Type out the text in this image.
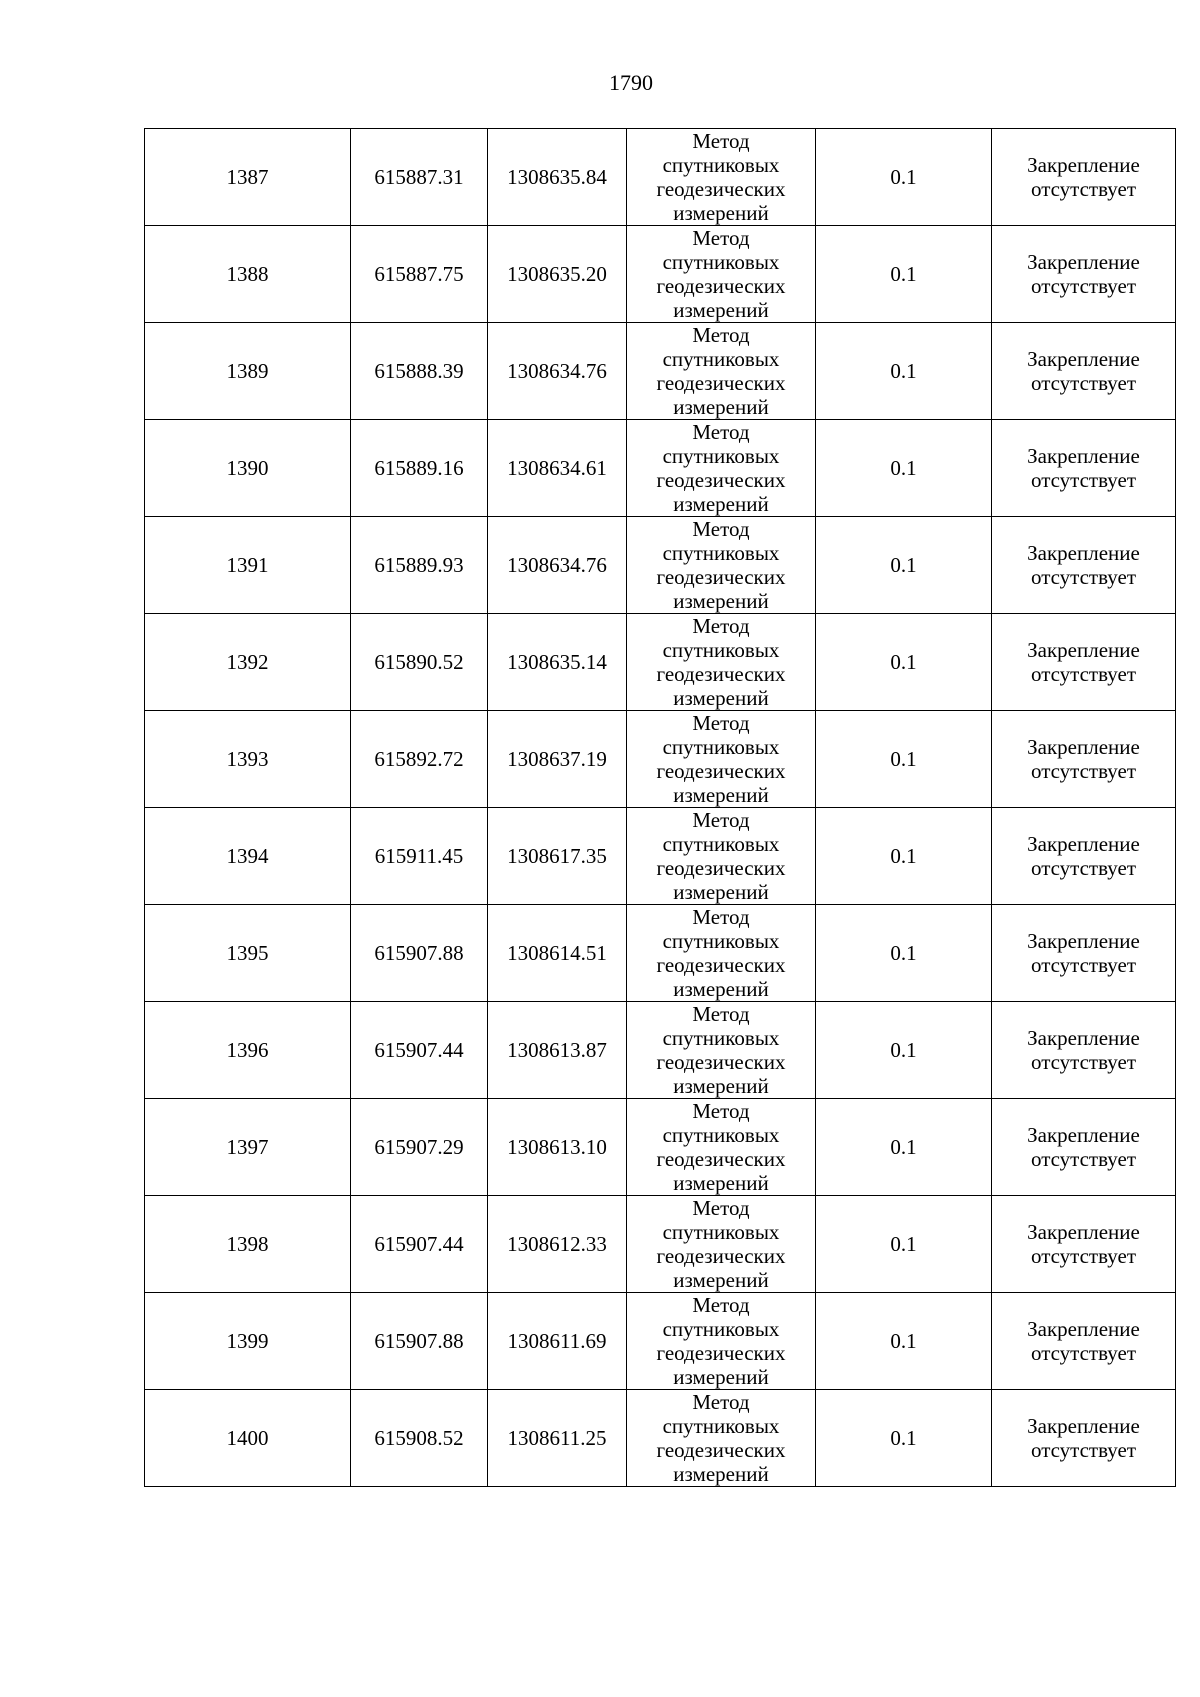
1790
1387	615887.31	1308635.84	Метод спутниковых геодезических измерений	0.1	Закрепление отсутствует

1388	615887.75	1308635.20	Метод спутниковых геодезических измерений	0.1	Закрепление отсутствует

1389	615888.39	1308634.76	Метод спутниковых геодезических измерений	0.1	Закрепление отсутствует

1390	615889.16	1308634.61	Метод спутниковых геодезических измерений	0.1	Закрепление отсутствует

1391	615889.93	1308634.76	Метод спутниковых геодезических измерений	0.1	Закрепление отсутствует

1392	615890.52	1308635.14	Метод спутниковых геодезических измерений	0.1	Закрепление отсутствует

1393	615892.72	1308637.19	Метод спутниковых геодезических измерений	0.1	Закрепление отсутствует

1394	615911.45	1308617.35	Метод спутниковых геодезических измерений	0.1	Закрепление отсутствует

1395	615907.88	1308614.51	Метод спутниковых геодезических измерений	0.1	Закрепление отсутствует

1396	615907.44	1308613.87	Метод спутниковых геодезических измерений	0.1	Закрепление отсутствует

1397	615907.29	1308613.10	Метод спутниковых геодезических измерений	0.1	Закрепление отсутствует

1398	615907.44	1308612.33	Метод спутниковых геодезических измерений	0.1	Закрепление отсутствует

1399	615907.88	1308611.69	Метод спутниковых геодезических измерений	0.1	Закрепление отсутствует

1400	615908.52	1308611.25	Метод спутниковых геодезических измерений	0.1	Закрепление отсутствует
